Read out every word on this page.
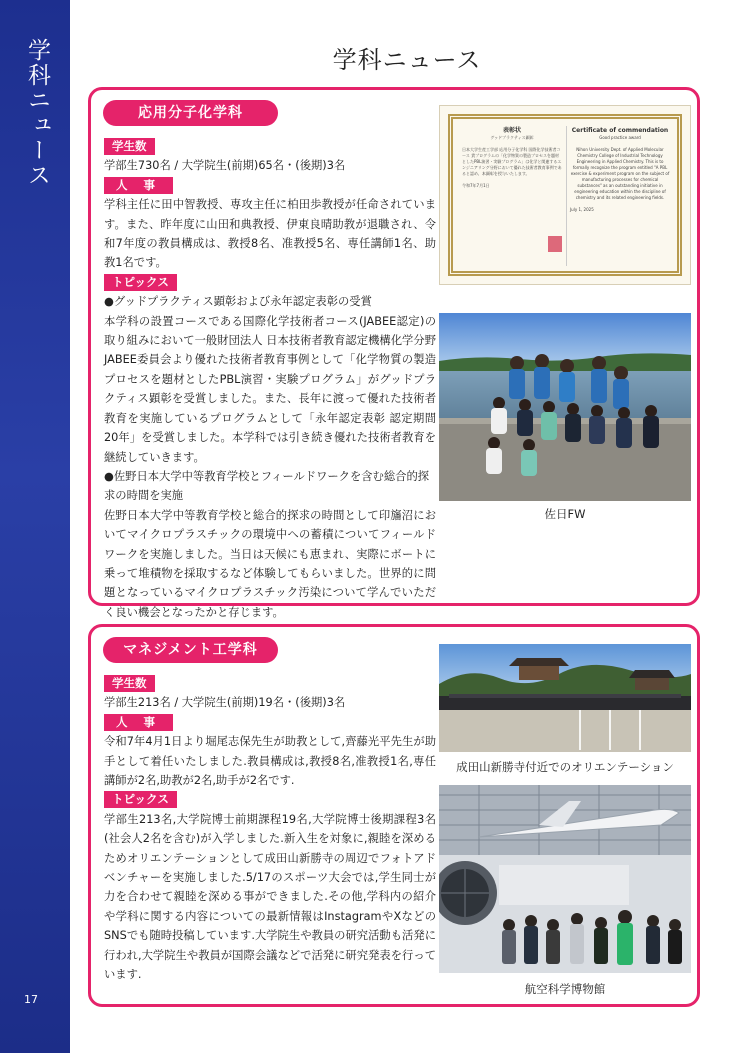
学科ニュース
17
学科ニュース
応用分子化学科
学生数
学部生730名 / 大学院生(前期)65名・(後期)3名
人 事
学科主任に田中智教授、専攻主任に柏田歩教授が任命されています。また、昨年度に山田和典教授、伊東良晴助教が退職され、令和7年度の教員構成は、教授8名、准教授5名、専任講師1名、助教1名です。
トピックス
●グッドプラクティス顕彰および永年認定表彰の受賞
本学科の設置コースである国際化学技術者コース(JABEE認定)の取り組みにおいて一般財団法人 日本技術者教育認定機構化学分野JABEE委員会より優れた技術者教育事例として「化学物質の製造プロセスを題材としたPBL演習・実験プログラム」がグッドプラクティス顕彰を受賞しました。また、長年に渡って優れた技術者教育を実施しているプログラムとして「永年認定表彰 認定期間20年」を受賞しました。本学科では引き続き優れた技術者教育を継続していきます。
●佐野日本大学中等教育学校とフィールドワークを含む総合的探求の時間を実施
佐野日本大学中等教育学校と総合的探求の時間として印旛沼においてマイクロプラスチックの環境中への蓄積についてフィールドワークを実施しました。当日は天候にも恵まれ、実際にボートに乗って堆積物を採取するなど体験してもらいました。世界的に問題となっているマイクロプラスチック汚染について学んでいただく良い機会となったかと存じます。
表彰状
グッドプラクティス顕彰
日本大学生産工学部 応用分子化学科 国際化学技術者コース 貴プログラムの「化学物質の製造プロセスを題材としたPBL演習・実験プログラム」は化学と関連するエンジニアリング分野において優れた技術者教育事例であると認め、本顕彰を授与いたします。
令和7年7月1日
Certificate of commendation
Good practice award
Nihon University Dept. of Applied Molecular Chemistry College of Industrial Technology Engineering in Applied Chemistry. This is to formally recognize the program entitled "A PBL exercise & experiment program on the subject of manufacturing processes for chemical substances" as an outstanding initiative in engineering education within the discipline of chemistry and its related engineering fields.
July 1, 2025
佐日FW
マネジメント工学科
学生数
学部生213名 / 大学院生(前期)19名・(後期)3名
人 事
令和7年4月1日より堀尾志保先生が助教として,齊藤光平先生が助手として着任いたしました.教員構成は,教授8名,准教授1名,専任講師が2名,助教が2名,助手が2名です.
トピックス
学部生213名,大学院博士前期課程19名,大学院博士後期課程3名(社会人2名を含む)が入学しました.新入生を対象に,親睦を深めるためオリエンテーションとして成田山新勝寺の周辺でフォトアドベンチャーを実施しました.5/17のスポーツ大会では,学生同士が力を合わせて親睦を深める事ができました.その他,学科内の紹介や学科に関する内容についての最新情報はInstagramやXなどのSNSでも随時投稿しています.大学院生や教員の研究活動も活発に行われ,大学院生や教員が国際会議などで活発に研究発表を行っています.
成田山新勝寺付近でのオリエンテーション
航空科学博物館
